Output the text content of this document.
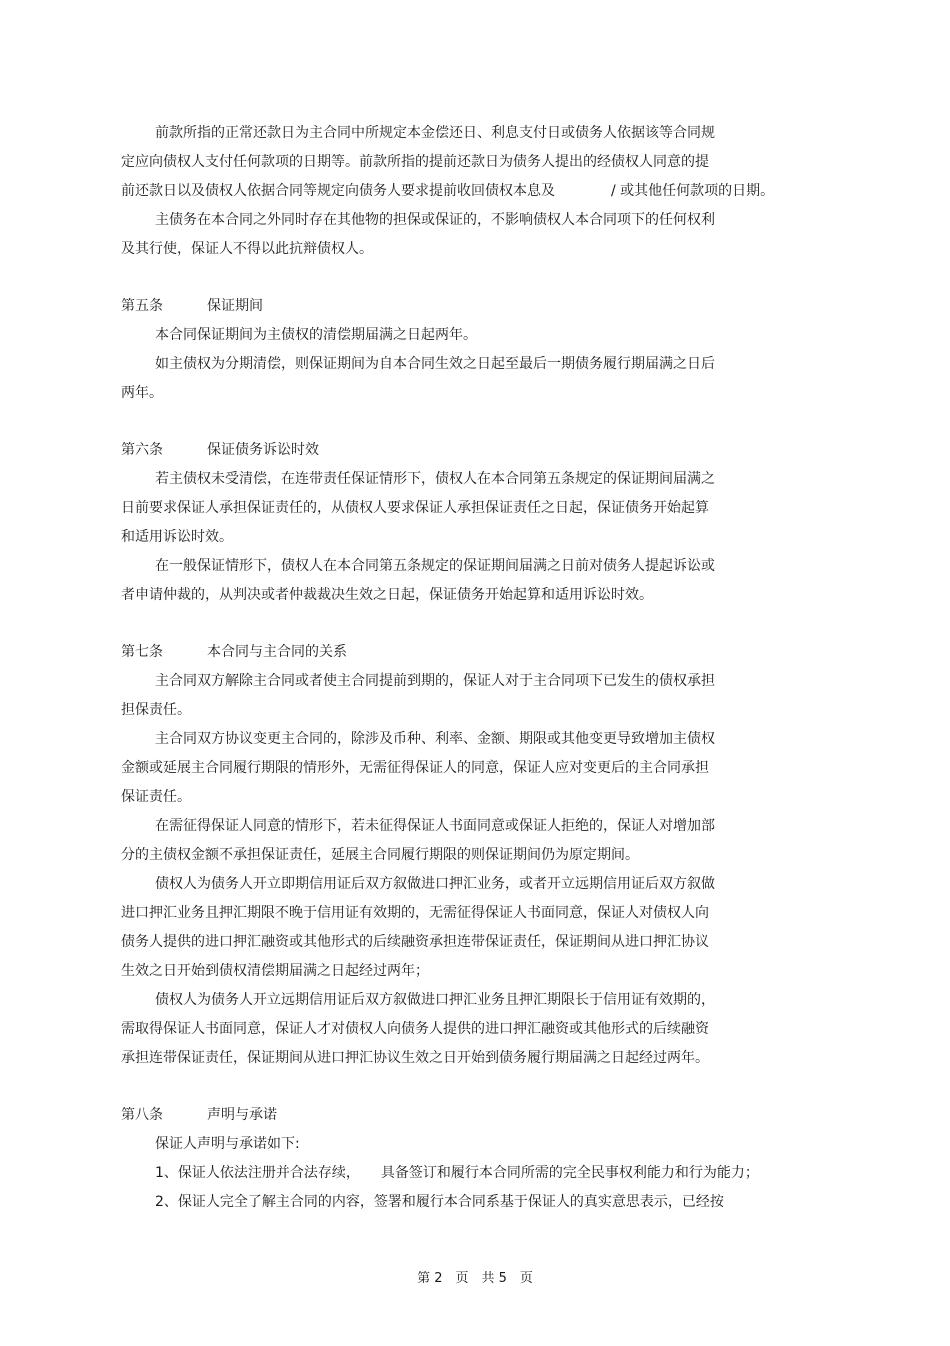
前款所指的正常还款日为主合同中所规定本金偿还日、利息支付日或债务人依据该等合同规
定应向债权人支付任何款项的日期等。前款所指的提前还款日为债务人提出的经债权人同意的提
前还款日以及债权人依据合同等规定向债务人要求提前收回债权本息及　　　　/ 或其他任何款项的日期。
主债务在本合同之外同时存在其他物的担保或保证的，不影响债权人本合同项下的任何权利
及其行使，保证人不得以此抗辩债权人。
第五条	保证期间
本合同保证期间为主债权的清偿期届满之日起两年。
如主债权为分期清偿，则保证期间为自本合同生效之日起至最后一期债务履行期届满之日后
两年。
第六条	保证债务诉讼时效
若主债权未受清偿，在连带责任保证情形下，债权人在本合同第五条规定的保证期间届满之
日前要求保证人承担保证责任的，从债权人要求保证人承担保证责任之日起，保证债务开始起算
和适用诉讼时效。
在一般保证情形下，债权人在本合同第五条规定的保证期间届满之日前对债务人提起诉讼或
者申请仲裁的，从判决或者仲裁裁决生效之日起，保证债务开始起算和适用诉讼时效。
第七条	本合同与主合同的关系
主合同双方解除主合同或者使主合同提前到期的，保证人对于主合同项下已发生的债权承担
担保责任。
主合同双方协议变更主合同的，除涉及币种、利率、金额、期限或其他变更导致增加主债权
金额或延展主合同履行期限的情形外，无需征得保证人的同意，保证人应对变更后的主合同承担
保证责任。
在需征得保证人同意的情形下，若未征得保证人书面同意或保证人拒绝的，保证人对增加部
分的主债权金额不承担保证责任，延展主合同履行期限的则保证期间仍为原定期间。
债权人为债务人开立即期信用证后双方叙做进口押汇业务，或者开立远期信用证后双方叙做
进口押汇业务且押汇期限不晚于信用证有效期的，无需征得保证人书面同意，保证人对债权人向
债务人提供的进口押汇融资或其他形式的后续融资承担连带保证责任，保证期间从进口押汇协议
生效之日开始到债权清偿期届满之日起经过两年；
债权人为债务人开立远期信用证后双方叙做进口押汇业务且押汇期限长于信用证有效期的，
需取得保证人书面同意，保证人才对债权人向债务人提供的进口押汇融资或其他形式的后续融资
承担连带保证责任，保证期间从进口押汇协议生效之日开始到债务履行期届满之日起经过两年。
第八条	声明与承诺
保证人声明与承诺如下:
1、保证人依法注册并合法存续，　　具备签订和履行本合同所需的完全民事权利能力和行为能力；
2、保证人完全了解主合同的内容，签署和履行本合同系基于保证人的真实意思表示，已经按
第 2　页　共 5　页
